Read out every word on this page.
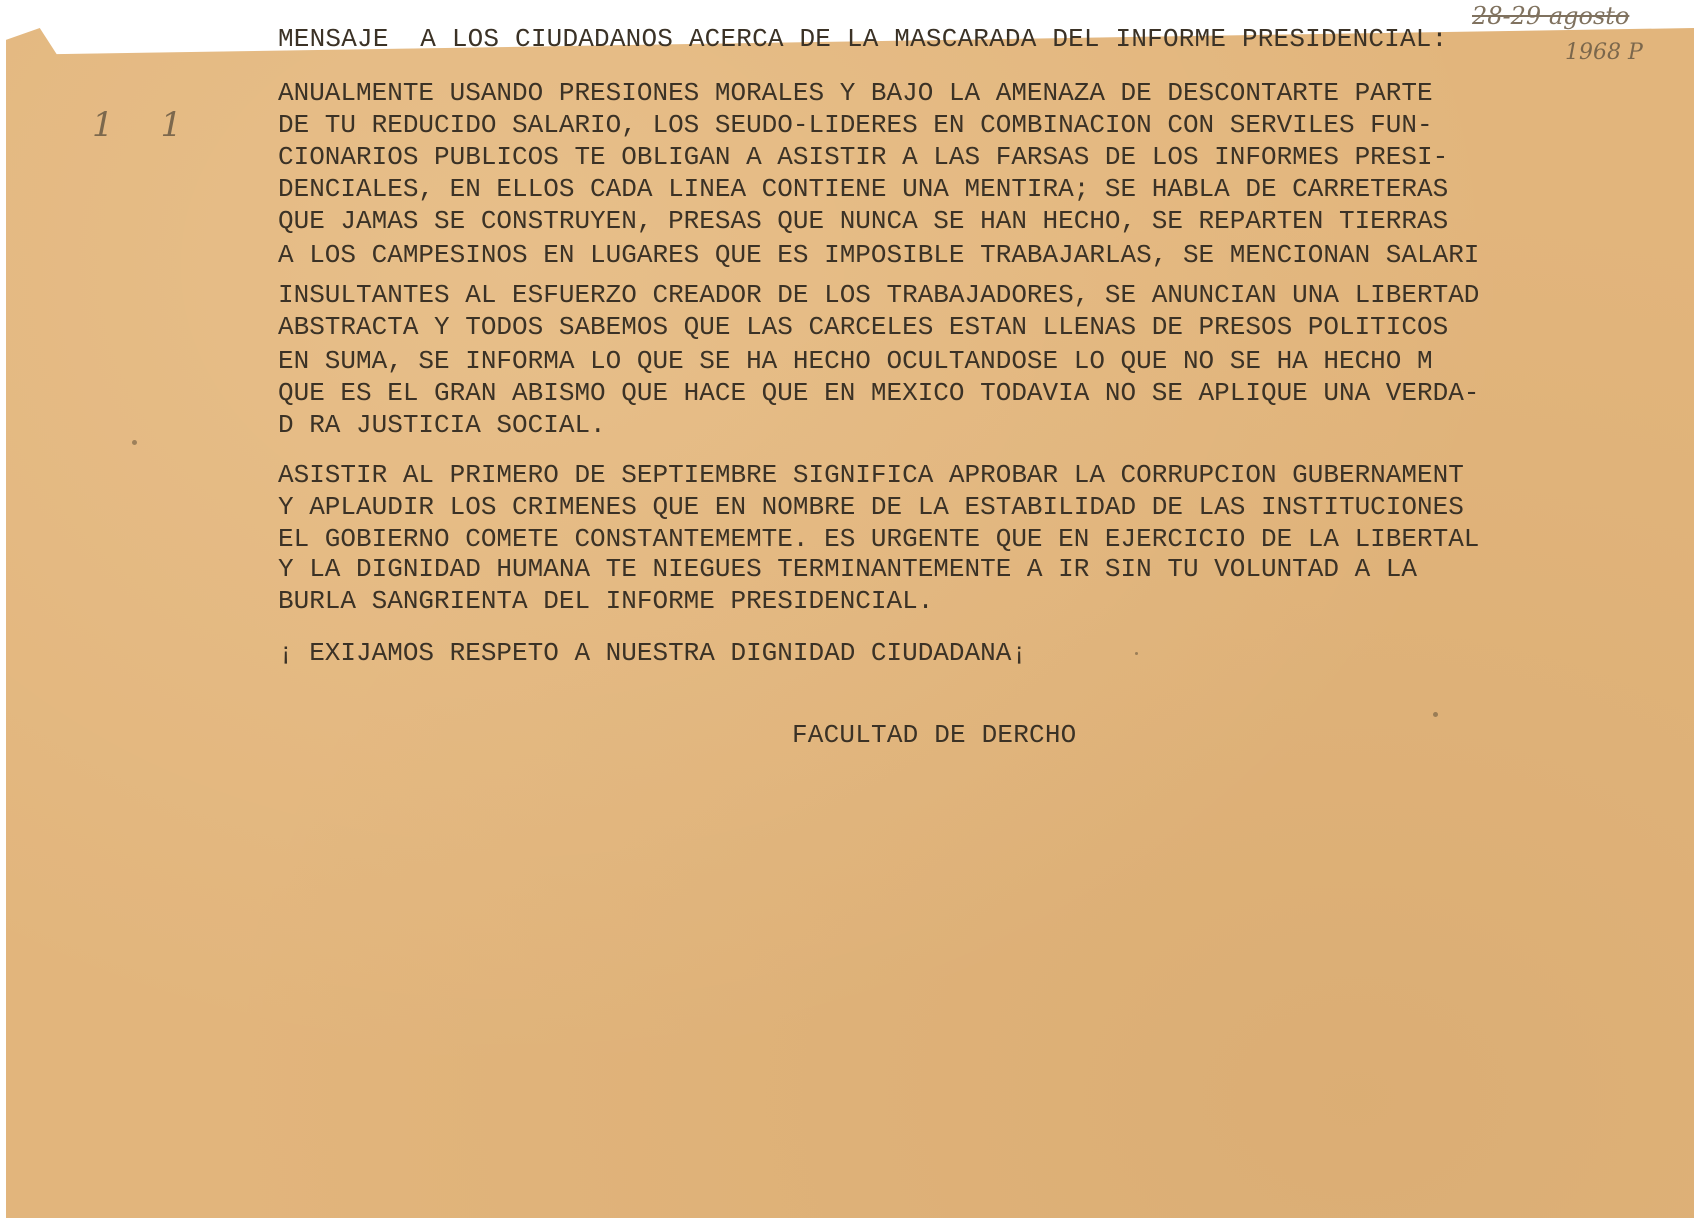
MENSAJE  A LOS CIUDADANOS ACERCA DE LA MASCARADA DEL INFORME PRESIDENCIAL:

28-29 agosto

1968 P

1 1

ANUALMENTE USANDO PRESIONES MORALES Y BAJO LA AMENAZA DE DESCONTARTE PARTE

DE TU REDUCIDO SALARIO, LOS SEUDO-LIDERES EN COMBINACION CON SERVILES FUN-

CIONARIOS PUBLICOS TE OBLIGAN A ASISTIR A LAS FARSAS DE LOS INFORMES PRESI-

DENCIALES, EN ELLOS CADA LINEA CONTIENE UNA MENTIRA; SE HABLA DE CARRETERAS

QUE JAMAS SE CONSTRUYEN, PRESAS QUE NUNCA SE HAN HECHO, SE REPARTEN TIERRAS

A LOS CAMPESINOS EN LUGARES QUE ES IMPOSIBLE TRABAJARLAS, SE MENCIONAN SALARI

INSULTANTES AL ESFUERZO CREADOR DE LOS TRABAJADORES, SE ANUNCIAN UNA LIBERTAD

ABSTRACTA Y TODOS SABEMOS QUE LAS CARCELES ESTAN LLENAS DE PRESOS POLITICOS

EN SUMA, SE INFORMA LO QUE SE HA HECHO OCULTANDOSE LO QUE NO SE HA HECHO M

QUE ES EL GRAN ABISMO QUE HACE QUE EN MEXICO TODAVIA NO SE APLIQUE UNA VERDA-

D RA JUSTICIA SOCIAL.

ASISTIR AL PRIMERO DE SEPTIEMBRE SIGNIFICA APROBAR LA CORRUPCION GUBERNAMENT

Y APLAUDIR LOS CRIMENES QUE EN NOMBRE DE LA ESTABILIDAD DE LAS INSTITUCIONES

EL GOBIERNO COMETE CONSTANTEMEMTE. ES URGENTE QUE EN EJERCICIO DE LA LIBERTAL

Y LA DIGNIDAD HUMANA TE NIEGUES TERMINANTEMENTE A IR SIN TU VOLUNTAD A LA

BURLA SANGRIENTA DEL INFORME PRESIDENCIAL.

¡ EXIJAMOS RESPETO A NUESTRA DIGNIDAD CIUDADANA¡

FACULTAD DE DERCHO
